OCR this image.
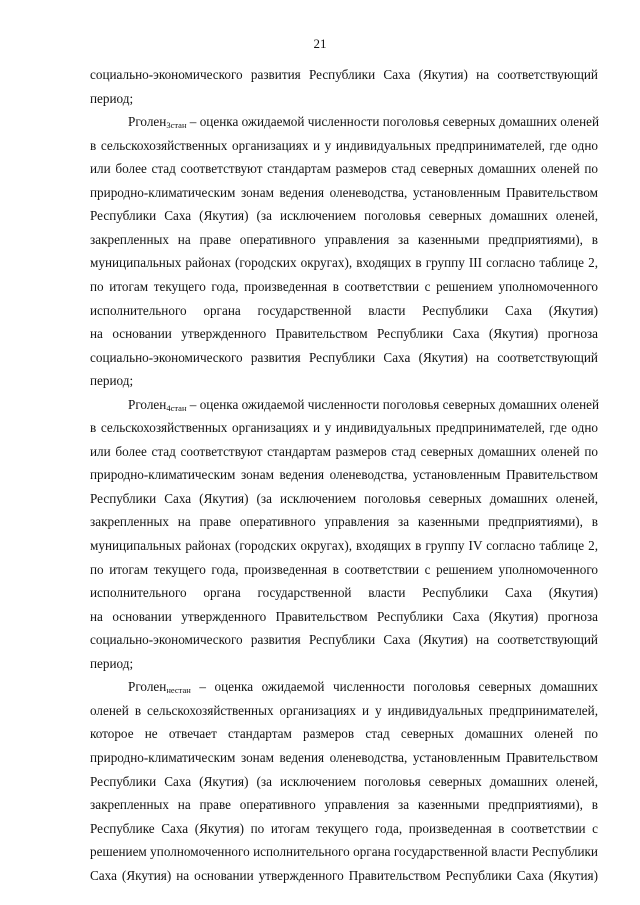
21
социально-экономического развития Республики Саха (Якутия) на соответствующий
период;
Pголен$_{3стан}$ – оценка ожидаемой численности поголовья северных домашних оленей
в сельскохозяйственных организациях и у индивидуальных предпринимателей, где одно
или более стад соответствуют стандартам размеров стад северных домашних оленей по
природно-климатическим зонам ведения оленеводства, установленным Правительством
Республики Саха (Якутия) (за исключением поголовья северных домашних оленей,
закрепленных на праве оперативного управления за казенными предприятиями), в
муниципальных районах (городских округах), входящих в группу III согласно таблице 2,
по итогам текущего года, произведенная в соответствии с решением уполномоченного
исполнительного органа государственной власти Республики Саха (Якутия)
на основании утвержденного Правительством Республики Саха (Якутия) прогноза
социально-экономического развития Республики Саха (Якутия) на соответствующий
период;
Pголен$_{4стан}$ – оценка ожидаемой численности поголовья северных домашних оленей
в сельскохозяйственных организациях и у индивидуальных предпринимателей, где одно
или более стад соответствуют стандартам размеров стад северных домашних оленей по
природно-климатическим зонам ведения оленеводства, установленным Правительством
Республики Саха (Якутия) (за исключением поголовья северных домашних оленей,
закрепленных на праве оперативного управления за казенными предприятиями), в
муниципальных районах (городских округах), входящих в группу IV согласно таблице 2,
по итогам текущего года, произведенная в соответствии с решением уполномоченного
исполнительного органа государственной власти Республики Саха (Якутия)
на основании утвержденного Правительством Республики Саха (Якутия) прогноза
социально-экономического развития Республики Саха (Якутия) на соответствующий
период;
Pголен$_{нестан}$ – оценка ожидаемой численности поголовья северных домашних
оленей в сельскохозяйственных организациях и у индивидуальных предпринимателей,
которое не отвечает стандартам размеров стад северных домашних оленей по
природно-климатическим зонам ведения оленеводства, установленным Правительством
Республики Саха (Якутия) (за исключением поголовья северных домашних оленей,
закрепленных на праве оперативного управления за казенными предприятиями), в
Республике Саха (Якутия) по итогам текущего года, произведенная в соответствии с
решением уполномоченного исполнительного органа государственной власти Республики
Саха (Якутия) на основании утвержденного Правительством Республики Саха (Якутия)
